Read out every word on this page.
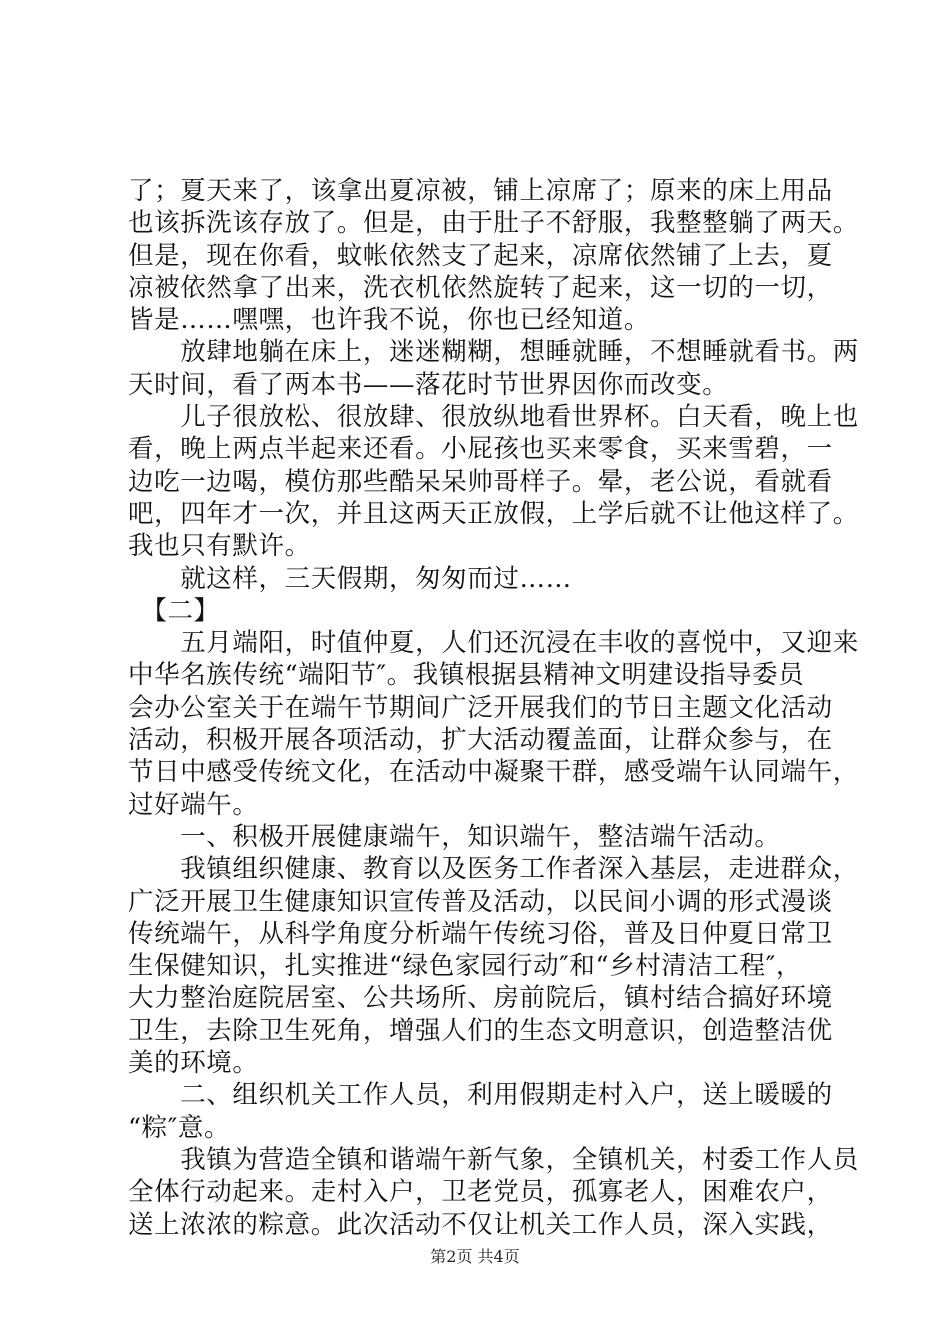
了；夏天来了，该拿出夏凉被，铺上凉席了；原来的床上用品
也该拆洗该存放了。但是，由于肚子不舒服，我整整躺了两天。
但是，现在你看，蚊帐依然支了起来，凉席依然铺了上去，夏
凉被依然拿了出来，洗衣机依然旋转了起来，这一切的一切，
皆是……嘿嘿，也许我不说，你也已经知道。
　　放肆地躺在床上，迷迷糊糊，想睡就睡，不想睡就看书。两
天时间，看了两本书——落花时节世界因你而改变。
　　儿子很放松、很放肆、很放纵地看世界杯。白天看，晚上也
看，晚上两点半起来还看。小屁孩也买来零食，买来雪碧，一
边吃一边喝，模仿那些酷呆呆帅哥样子。晕，老公说，看就看
吧，四年才一次，并且这两天正放假，上学后就不让他这样了。
我也只有默许。
　　就这样，三天假期，匆匆而过……
　【二】
　　五月端阳，时值仲夏，人们还沉浸在丰收的喜悦中，又迎来
中华名族传统“端阳节″。我镇根据县精神文明建设指导委员
会办公室关于在端午节期间广泛开展我们的节日主题文化活动
活动，积极开展各项活动，扩大活动覆盖面，让群众参与，在
节日中感受传统文化，在活动中凝聚干群，感受端午认同端午，
过好端午。
　　一、积极开展健康端午，知识端午，整洁端午活动。
　　我镇组织健康、教育以及医务工作者深入基层，走进群众，
广泛开展卫生健康知识宣传普及活动，以民间小调的形式漫谈
传统端午，从科学角度分析端午传统习俗，普及日仲夏日常卫
生保健知识，扎实推进“绿色家园行动″和“乡村清洁工程″，
大力整治庭院居室、公共场所、房前院后，镇村结合搞好环境
卫生，去除卫生死角，增强人们的生态文明意识，创造整洁优
美的环境。
　　二、组织机关工作人员，利用假期走村入户，送上暖暖的
“粽″意。
　　我镇为营造全镇和谐端午新气象，全镇机关，村委工作人员
全体行动起来。走村入户，卫老党员，孤寡老人，困难农户，
送上浓浓的粽意。此次活动不仅让机关工作人员，深入实践，
第2页 共4页
